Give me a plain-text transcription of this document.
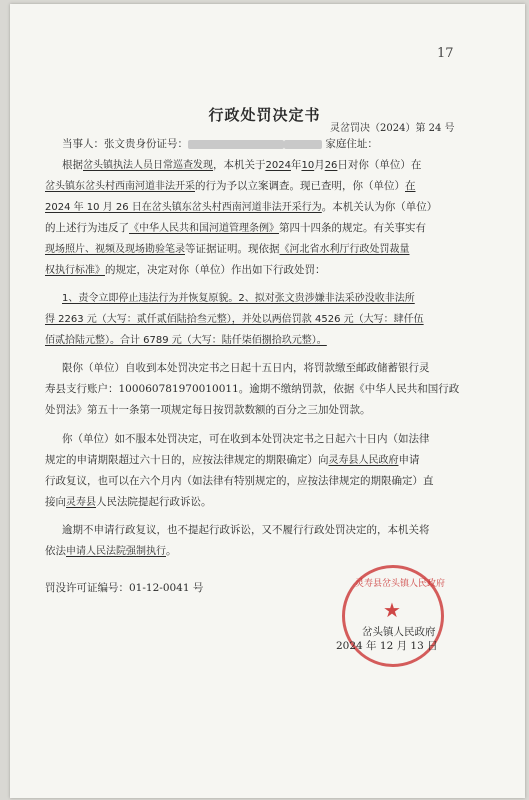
17
行政处罚决定书
灵岔罚决（2024）第 24 号
当事人：张文贵身份证号：	家庭住址：
根据岔头镇执法人员日常巡查发现，本机关于2024年10月26日对你（单位）在
岔头镇东岔头村西南河道非法开采的行为予以立案调查。现已查明，你（单位）在
2024 年 10 月 26 日在岔头镇东岔头村西南河道非法开采行为。本机关认为你（单位）
的上述行为违反了《中华人民共和国河道管理条例》第四十四条的规定。有关事实有
现场照片、视频及现场勘验笔录等证据证明。现依据《河北省水利厅行政处罚裁量
权执行标准》的规定，决定对你（单位）作出如下行政处罚：
1、责令立即停止违法行为并恢复原貌。2、拟对张文贵涉嫌非法采砂没收非法所
得 2263 元（大写：贰仟贰佰陆拾叁元整），并处以两倍罚款 4526 元（大写：肆仟伍
佰贰拾陆元整）。合计 6789 元（大写：陆仟柒佰捌拾玖元整）。
限你（单位）自收到本处罚决定书之日起十五日内，将罚款缴至邮政储蓄银行灵
寿县支行账户：100060781970010011。逾期不缴纳罚款，依据《中华人民共和国行政
处罚法》第五十一条第一项规定每日按罚款数额的百分之三加处罚款。
你（单位）如不服本处罚决定，可在收到本处罚决定书之日起六十日内（如法律
规定的申请期限超过六十日的，应按法律规定的期限确定）向灵寿县人民政府申请
行政复议，也可以在六个月内（如法律有特别规定的，应按法律规定的期限确定）直
接向灵寿县人民法院提起行政诉讼。
逾期不申请行政复议，也不提起行政诉讼，又不履行行政处罚决定的，本机关将
依法申请人民法院强制执行。
罚没许可证编号：01-12-0041 号	灵寿县岔头镇人民政府
★
岔头镇人民政府
2024 年 12 月 13 日
